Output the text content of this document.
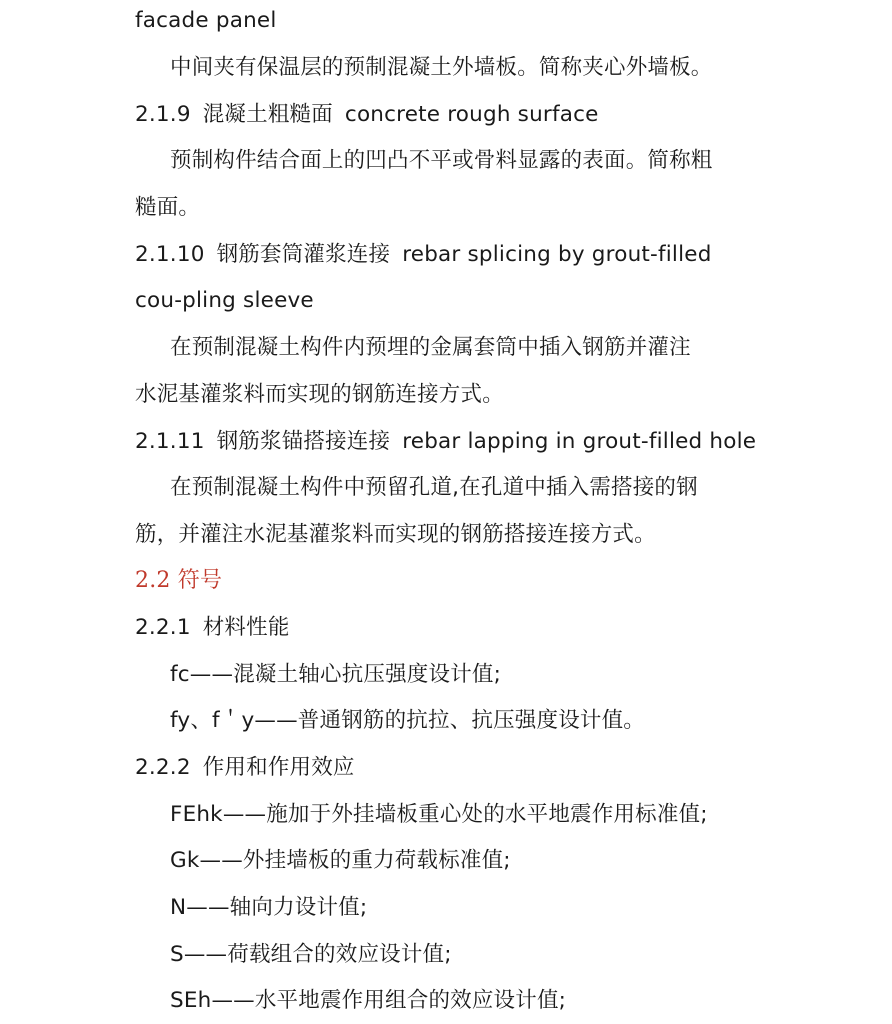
facade panel
中间夹有保温层的预制混凝土外墙板。简称夹心外墙板。
2.1.9 混凝土粗糙面 concrete rough surface
预制构件结合面上的凹凸不平或骨料显露的表面。简称粗
糙面。
2.1.10 钢筋套筒灌浆连接 rebar splicing by grout-filled
cou-pling sleeve
在预制混凝土构件内预埋的金属套筒中插入钢筋并灌注
水泥基灌浆料而实现的钢筋连接方式。
2.1.11 钢筋浆锚搭接连接 rebar lapping in grout-filled hole
在预制混凝土构件中预留孔道,在孔道中插入需搭接的钢
筋，并灌注水泥基灌浆料而实现的钢筋搭接连接方式。
2.2 符号
2.2.1 材料性能
fc——混凝土轴心抗压强度设计值;
fy、f＇y——普通钢筋的抗拉、抗压强度设计值。
2.2.2 作用和作用效应
FEhk——施加于外挂墙板重心处的水平地震作用标准值;
Gk——外挂墙板的重力荷载标准值;
N——轴向力设计值;
S——荷载组合的效应设计值;
SEh——水平地震作用组合的效应设计值;
